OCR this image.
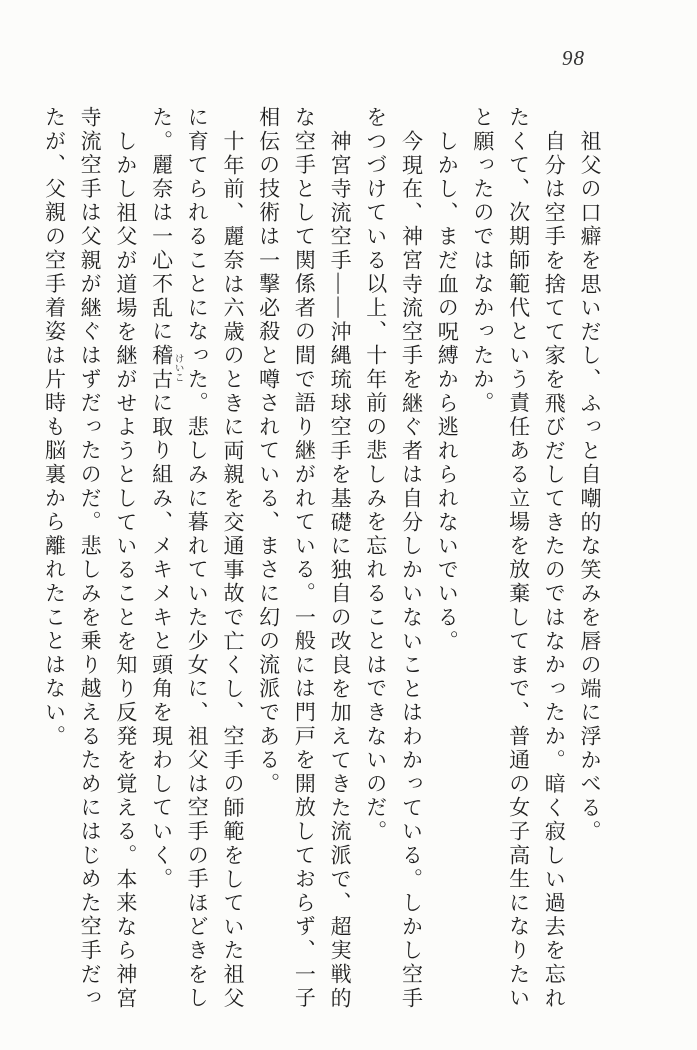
98

祖父の口癖を思いだし、ふっと自嘲的な笑みを唇の端に浮かべる。

自分は空手を捨てて家を飛びだしてきたのではなかったか。暗く寂しい過去を忘れたくて、次期師範代という責任ある立場を放棄してまで、普通の女子高生になりたいと願ったのではなかったか。

しかし、まだ血の呪縛から逃れられないでいる。

今現在、神宮寺流空手を継ぐ者は自分しかいないことはわかっている。しかし空手をつづけている以上、十年前の悲しみを忘れることはできないのだ。

神宮寺流空手――沖縄琉球空手を基礎に独自の改良を加えてきた流派で、超実戦的な空手として関係者の間で語り継がれている。一般には門戸を開放しておらず、一子相伝の技術は一撃必殺と噂されている、まさに幻の流派である。

十年前、麗奈は六歳のときに両親を交通事故で亡くし、空手の師範をしていた祖父に育てられることになった。悲しみに暮れていた少女に、祖父は空手の手ほどきをした。麗奈は一心不乱に稽古 けいこに取り組み、メキメキと頭角を現わしていく。

しかし祖父が道場を継がせようとしていることを知り反発を覚える。本来なら神宮寺流空手は父親が継ぐはずだったのだ。悲しみを乗り越えるためにはじめた空手だったが、父親の空手着姿は片時も脳裏から離れたことはない。
